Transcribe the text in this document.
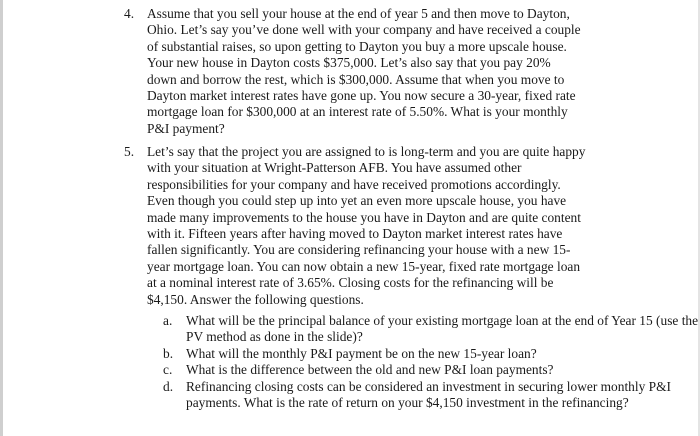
4. Assume that you sell your house at the end of year 5 and then move to Dayton,
Ohio. Let’s say you’ve done well with your company and have received a couple
of substantial raises, so upon getting to Dayton you buy a more upscale house.
Your new house in Dayton costs $375,000. Let’s also say that you pay 20%
down and borrow the rest, which is $300,000. Assume that when you move to
Dayton market interest rates have gone up. You now secure a 30-year, fixed rate
mortgage loan for $300,000 at an interest rate of 5.50%. What is your monthly
P&I payment?
5. Let’s say that the project you are assigned to is long-term and you are quite happy
with your situation at Wright-Patterson AFB. You have assumed other
responsibilities for your company and have received promotions accordingly.
Even though you could step up into yet an even more upscale house, you have
made many improvements to the house you have in Dayton and are quite content
with it. Fifteen years after having moved to Dayton market interest rates have
fallen significantly. You are considering refinancing your house with a new 15-
year mortgage loan. You can now obtain a new 15-year, fixed rate mortgage loan
at a nominal interest rate of 3.65%. Closing costs for the refinancing will be
$4,150. Answer the following questions.
a. What will be the principal balance of your existing mortgage loan at the end of Year 15 (use the PV method as done in the slide)?
b. What will the monthly P&I payment be on the new 15-year loan?
c. What is the difference between the old and new P&I loan payments?
d. Refinancing closing costs can be considered an investment in securing lower monthly P&I payments. What is the rate of return on your $4,150 investment in the refinancing?
